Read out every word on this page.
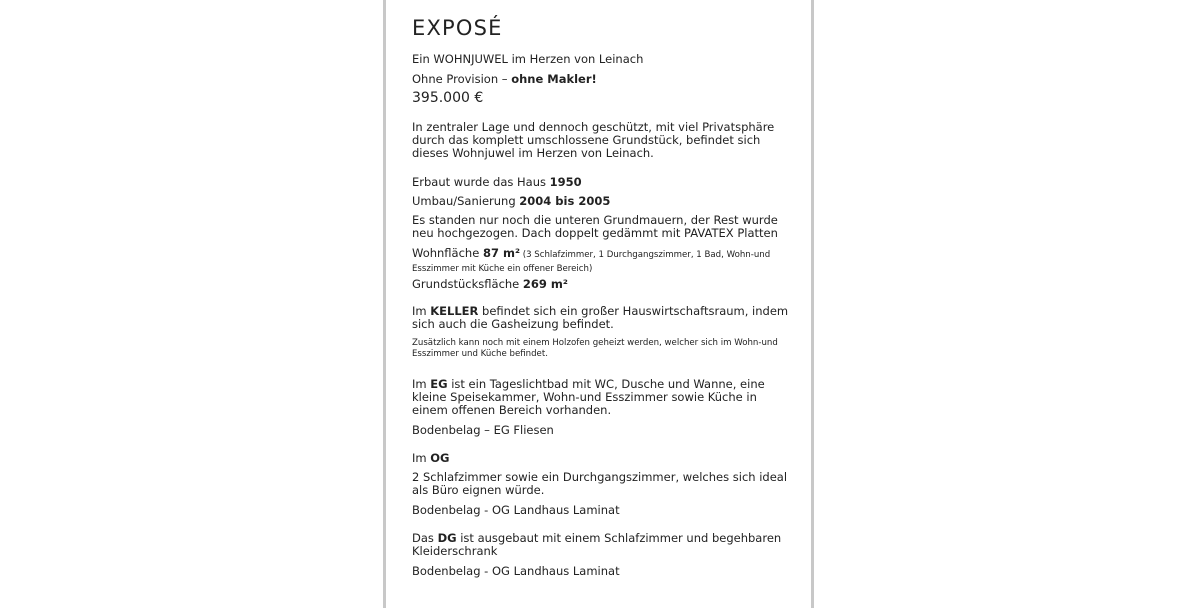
EXPOSÉ
Ein WOHNJUWEL im Herzen von Leinach
Ohne Provision – ohne Makler!
395.000 €
In zentraler Lage und dennoch geschützt, mit viel Privatsphäre durch das komplett umschlossene Grundstück, befindet sich dieses Wohnjuwel im Herzen von Leinach.
Erbaut wurde das Haus 1950
Umbau/Sanierung 2004 bis 2005
Es standen nur noch die unteren Grundmauern, der Rest wurde neu hochgezogen. Dach doppelt gedämmt mit PAVATEX Platten
Wohnfläche 87 m² (3 Schlafzimmer, 1 Durchgangszimmer, 1 Bad, Wohn-und Esszimmer mit Küche ein offener Bereich)
Grundstücksfläche 269 m²
Im KELLER befindet sich ein großer Hauswirtschaftsraum, indem sich auch die Gasheizung befindet.
Zusätzlich kann noch mit einem Holzofen geheizt werden, welcher sich im Wohn-und Esszimmer und Küche befindet.
Im EG ist ein Tageslichtbad mit WC, Dusche und Wanne, eine kleine Speisekammer, Wohn-und Esszimmer sowie Küche in einem offenen Bereich vorhanden.
Bodenbelag – EG Fliesen
Im OG
2 Schlafzimmer sowie ein Durchgangszimmer, welches sich ideal als Büro eignen würde.
Bodenbelag - OG Landhaus Laminat
Das DG ist ausgebaut mit einem Schlafzimmer und begehbaren Kleiderschrank
Bodenbelag - OG Landhaus Laminat
